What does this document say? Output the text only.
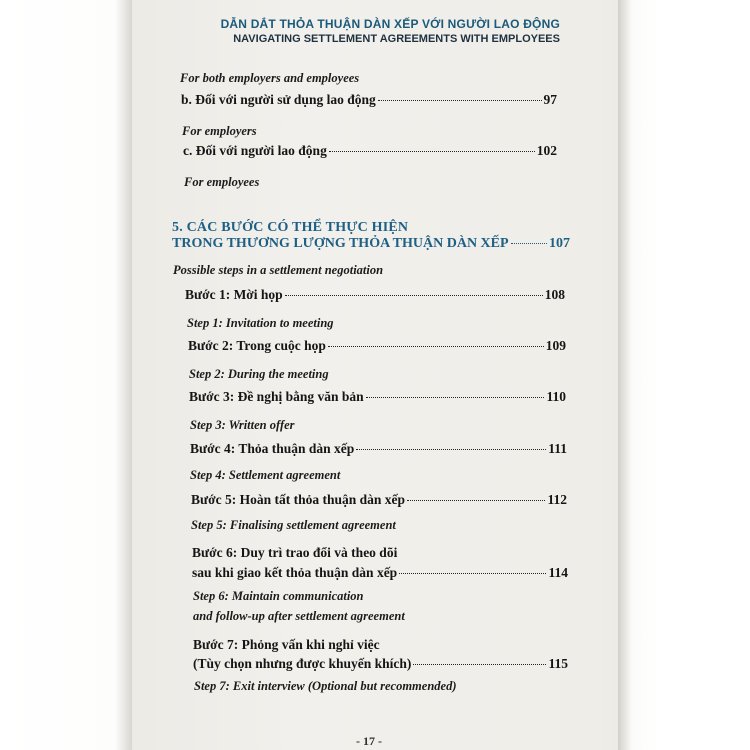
DẪN DẮT THỎA THUẬN DÀN XẾP VỚI NGƯỜI LAO ĐỘNG
NAVIGATING SETTLEMENT AGREEMENTS WITH EMPLOYEES
For both employers and employees
b. Đối với người sử dụng lao động	97
For employers
c. Đối với người lao động	102
For employees
5. CÁC BƯỚC CÓ THỂ THỰC HIỆN
TRONG THƯƠNG LƯỢNG THỎA THUẬN DÀN XẾP	107
Possible steps in a settlement negotiation
Bước 1: Mời họp	108
Step 1: Invitation to meeting
Bước 2: Trong cuộc họp	109
Step 2: During the meeting
Bước 3: Đề nghị bằng văn bản	110
Step 3: Written offer
Bước 4: Thỏa thuận dàn xếp	111
Step 4: Settlement agreement
Bước 5: Hoàn tất thỏa thuận dàn xếp	112
Step 5: Finalising settlement agreement
Bước 6: Duy trì trao đổi và theo dõi
sau khi giao kết thỏa thuận dàn xếp	114
Step 6: Maintain communication
and follow-up after settlement agreement
Bước 7: Phỏng vấn khi nghỉ việc
(Tùy chọn nhưng được khuyến khích)	115
Step 7: Exit interview (Optional but recommended)
- 17 -
